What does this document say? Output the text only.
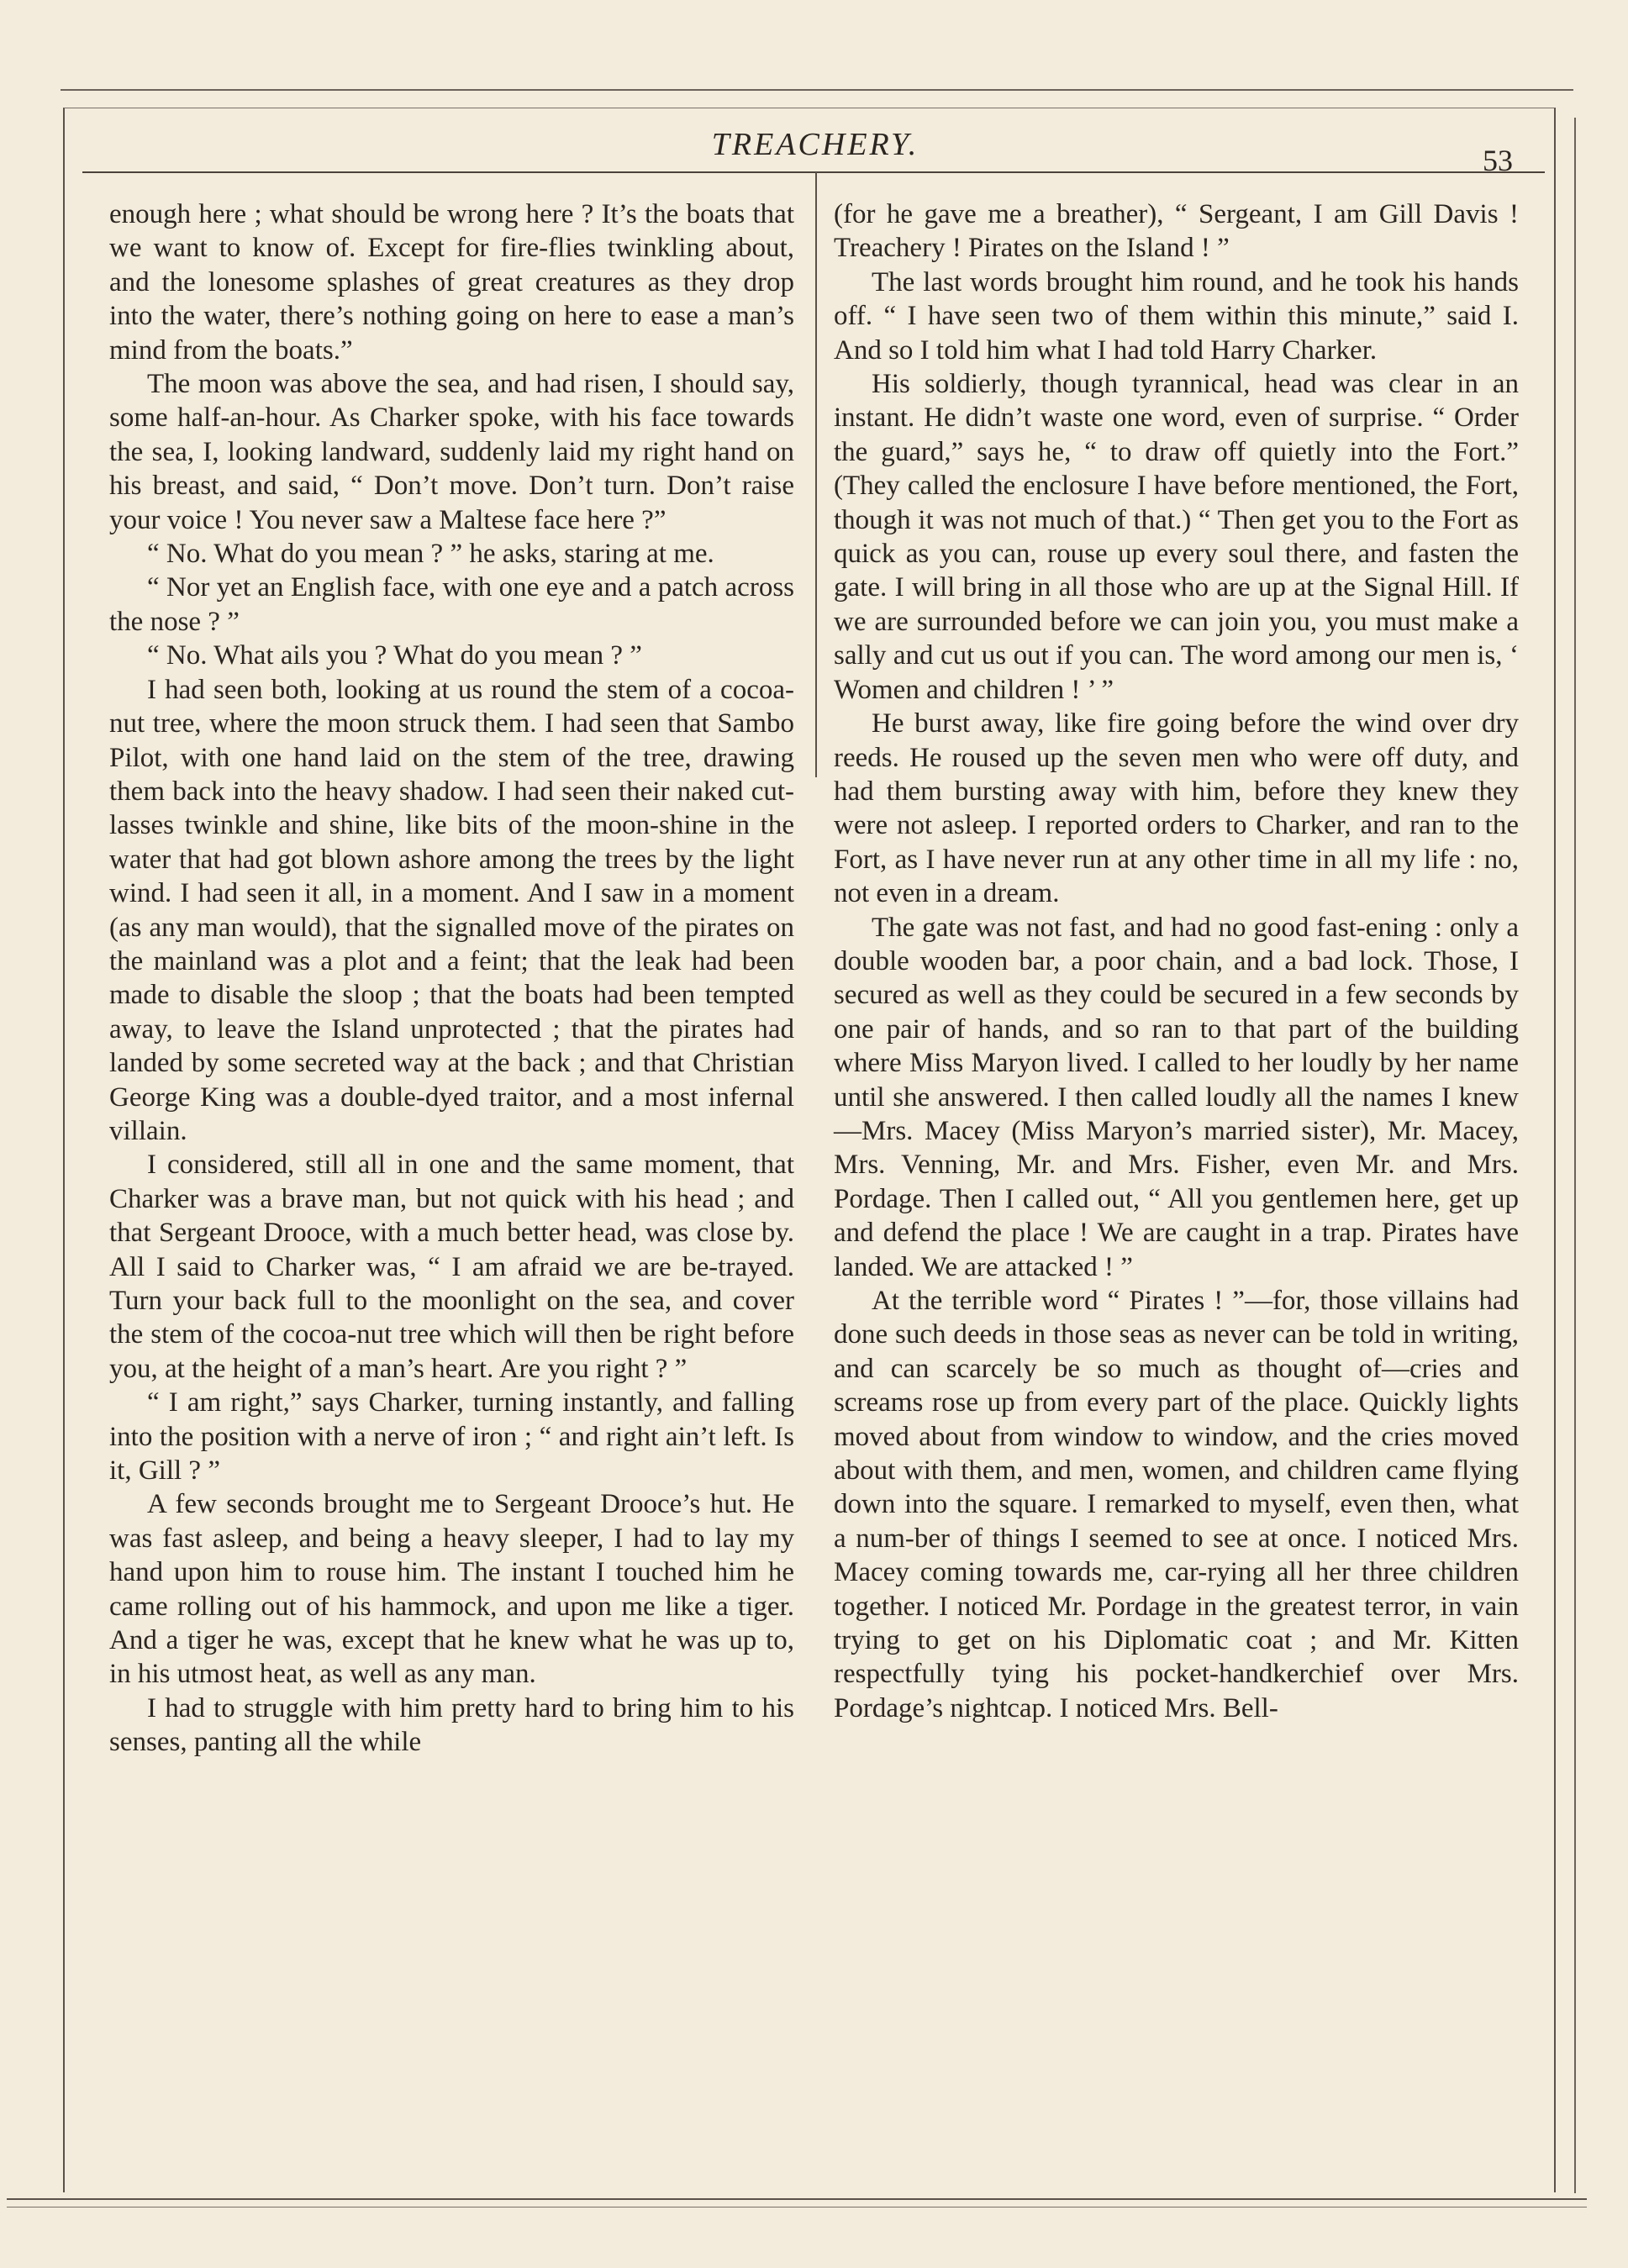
TREACHERY.	53

enough here ; what should be wrong here ? It’s the boats that we want to know of. Except for fire-flies twinkling about, and the lonesome splashes of great creatures as they drop into the water, there’s nothing going on here to ease a man’s mind from the boats.”

The moon was above the sea, and had risen, I should say, some half-an-hour. As Charker spoke, with his face towards the sea, I, looking landward, suddenly laid my right hand on his breast, and said, “ Don’t move. Don’t turn. Don’t raise your voice ! You never saw a Maltese face here ?”

“ No. What do you mean ? ” he asks, staring at me.

“ Nor yet an English face, with one eye and a patch across the nose ? ”

“ No. What ails you ? What do you mean ? ”

I had seen both, looking at us round the stem of a cocoa-nut tree, where the moon struck them. I had seen that Sambo Pilot, with one hand laid on the stem of the tree, drawing them back into the heavy shadow. I had seen their naked cut-lasses twinkle and shine, like bits of the moon-shine in the water that had got blown ashore among the trees by the light wind. I had seen it all, in a moment. And I saw in a moment (as any man would), that the signalled move of the pirates on the mainland was a plot and a feint; that the leak had been made to disable the sloop ; that the boats had been tempted away, to leave the Island unprotected ; that the pirates had landed by some secreted way at the back ; and that Christian George King was a double-dyed traitor, and a most infernal villain.

I considered, still all in one and the same moment, that Charker was a brave man, but not quick with his head ; and that Sergeant Drooce, with a much better head, was close by. All I said to Charker was, “ I am afraid we are be-trayed. Turn your back full to the moonlight on the sea, and cover the stem of the cocoa-nut tree which will then be right before you, at the height of a man’s heart. Are you right ? ”

“ I am right,” says Charker, turning instantly, and falling into the position with a nerve of iron ; “ and right ain’t left. Is it, Gill ? ”

A few seconds brought me to Sergeant Drooce’s hut. He was fast asleep, and being a heavy sleeper, I had to lay my hand upon him to rouse him. The instant I touched him he came rolling out of his hammock, and upon me like a tiger. And a tiger he was, except that he knew what he was up to, in his utmost heat, as well as any man.

I had to struggle with him pretty hard to bring him to his senses, panting all the while

(for he gave me a breather), “ Sergeant, I am Gill Davis ! Treachery ! Pirates on the Island ! ”

The last words brought him round, and he took his hands off. “ I have seen two of them within this minute,” said I. And so I told him what I had told Harry Charker.

His soldierly, though tyrannical, head was clear in an instant. He didn’t waste one word, even of surprise. “ Order the guard,” says he, “ to draw off quietly into the Fort.” (They called the enclosure I have before mentioned, the Fort, though it was not much of that.) “ Then get you to the Fort as quick as you can, rouse up every soul there, and fasten the gate. I will bring in all those who are up at the Signal Hill. If we are surrounded before we can join you, you must make a sally and cut us out if you can. The word among our men is, ‘ Women and children ! ’ ”

He burst away, like fire going before the wind over dry reeds. He roused up the seven men who were off duty, and had them bursting away with him, before they knew they were not asleep. I reported orders to Charker, and ran to the Fort, as I have never run at any other time in all my life : no, not even in a dream.

The gate was not fast, and had no good fast-ening : only a double wooden bar, a poor chain, and a bad lock. Those, I secured as well as they could be secured in a few seconds by one pair of hands, and so ran to that part of the building where Miss Maryon lived. I called to her loudly by her name until she answered. I then called loudly all the names I knew—Mrs. Macey (Miss Maryon’s married sister), Mr. Macey, Mrs. Venning, Mr. and Mrs. Fisher, even Mr. and Mrs. Pordage. Then I called out, “ All you gentlemen here, get up and defend the place ! We are caught in a trap. Pirates have landed. We are attacked ! ”

At the terrible word “ Pirates ! ”—for, those villains had done such deeds in those seas as never can be told in writing, and can scarcely be so much as thought of—cries and screams rose up from every part of the place. Quickly lights moved about from window to window, and the cries moved about with them, and men, women, and children came flying down into the square. I remarked to myself, even then, what a num-ber of things I seemed to see at once. I noticed Mrs. Macey coming towards me, car-rying all her three children together. I noticed Mr. Pordage in the greatest terror, in vain trying to get on his Diplomatic coat ; and Mr. Kitten respectfully tying his pocket-handkerchief over Mrs. Pordage’s nightcap. I noticed Mrs. Bell-
